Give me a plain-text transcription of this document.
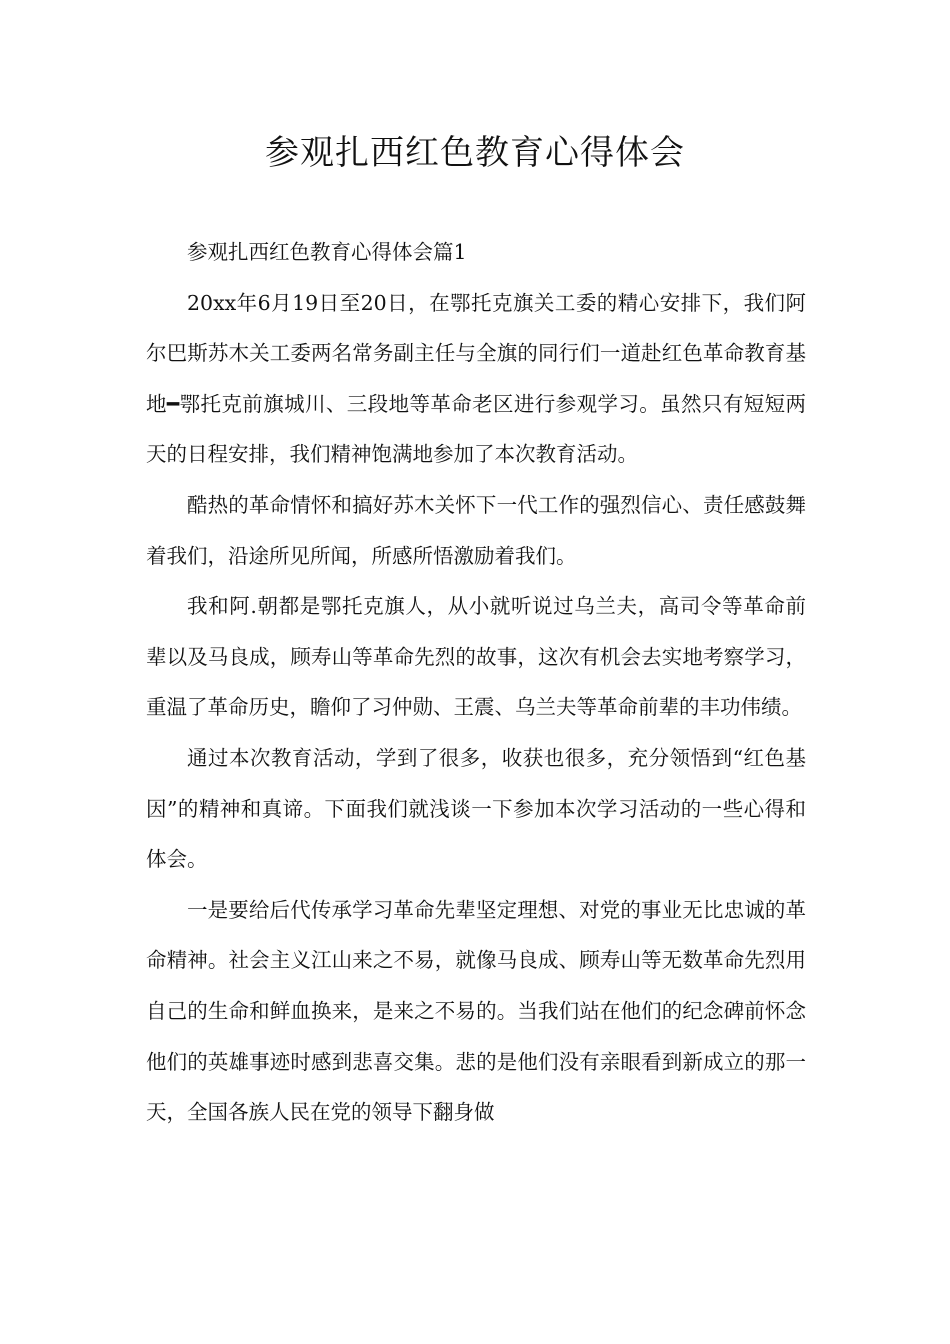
参观扎西红色教育心得体会

参观扎西红色教育心得体会篇1

20xx年6月19日至20日，在鄂托克旗关工委的精心安排下，我们阿尔巴斯苏木关工委两名常务副主任与全旗的同行们一道赴红色革命教育基地━鄂托克前旗城川、三段地等革命老区进行参观学习。虽然只有短短两天的日程安排，我们精神饱满地参加了本次教育活动。

酷热的革命情怀和搞好苏木关怀下一代工作的强烈信心、责任感鼓舞着我们，沿途所见所闻，所感所悟激励着我们。

我和阿.朝都是鄂托克旗人，从小就听说过乌兰夫，高司令等革命前辈以及马良成，顾寿山等革命先烈的故事，这次有机会去实地考察学习，重温了革命历史，瞻仰了习仲勋、王震、乌兰夫等革命前辈的丰功伟绩。

通过本次教育活动，学到了很多，收获也很多，充分领悟到“红色基因”的精神和真谛。下面我们就浅谈一下参加本次学习活动的一些心得和体会。

一是要给后代传承学习革命先辈坚定理想、对党的事业无比忠诚的革命精神。社会主义江山来之不易，就像马良成、顾寿山等无数革命先烈用自己的生命和鲜血换来，是来之不易的。当我们站在他们的纪念碑前怀念他们的英雄事迹时感到悲喜交集。悲的是他们没有亲眼看到新成立的那一天，全国各族人民在党的领导下翻身做
